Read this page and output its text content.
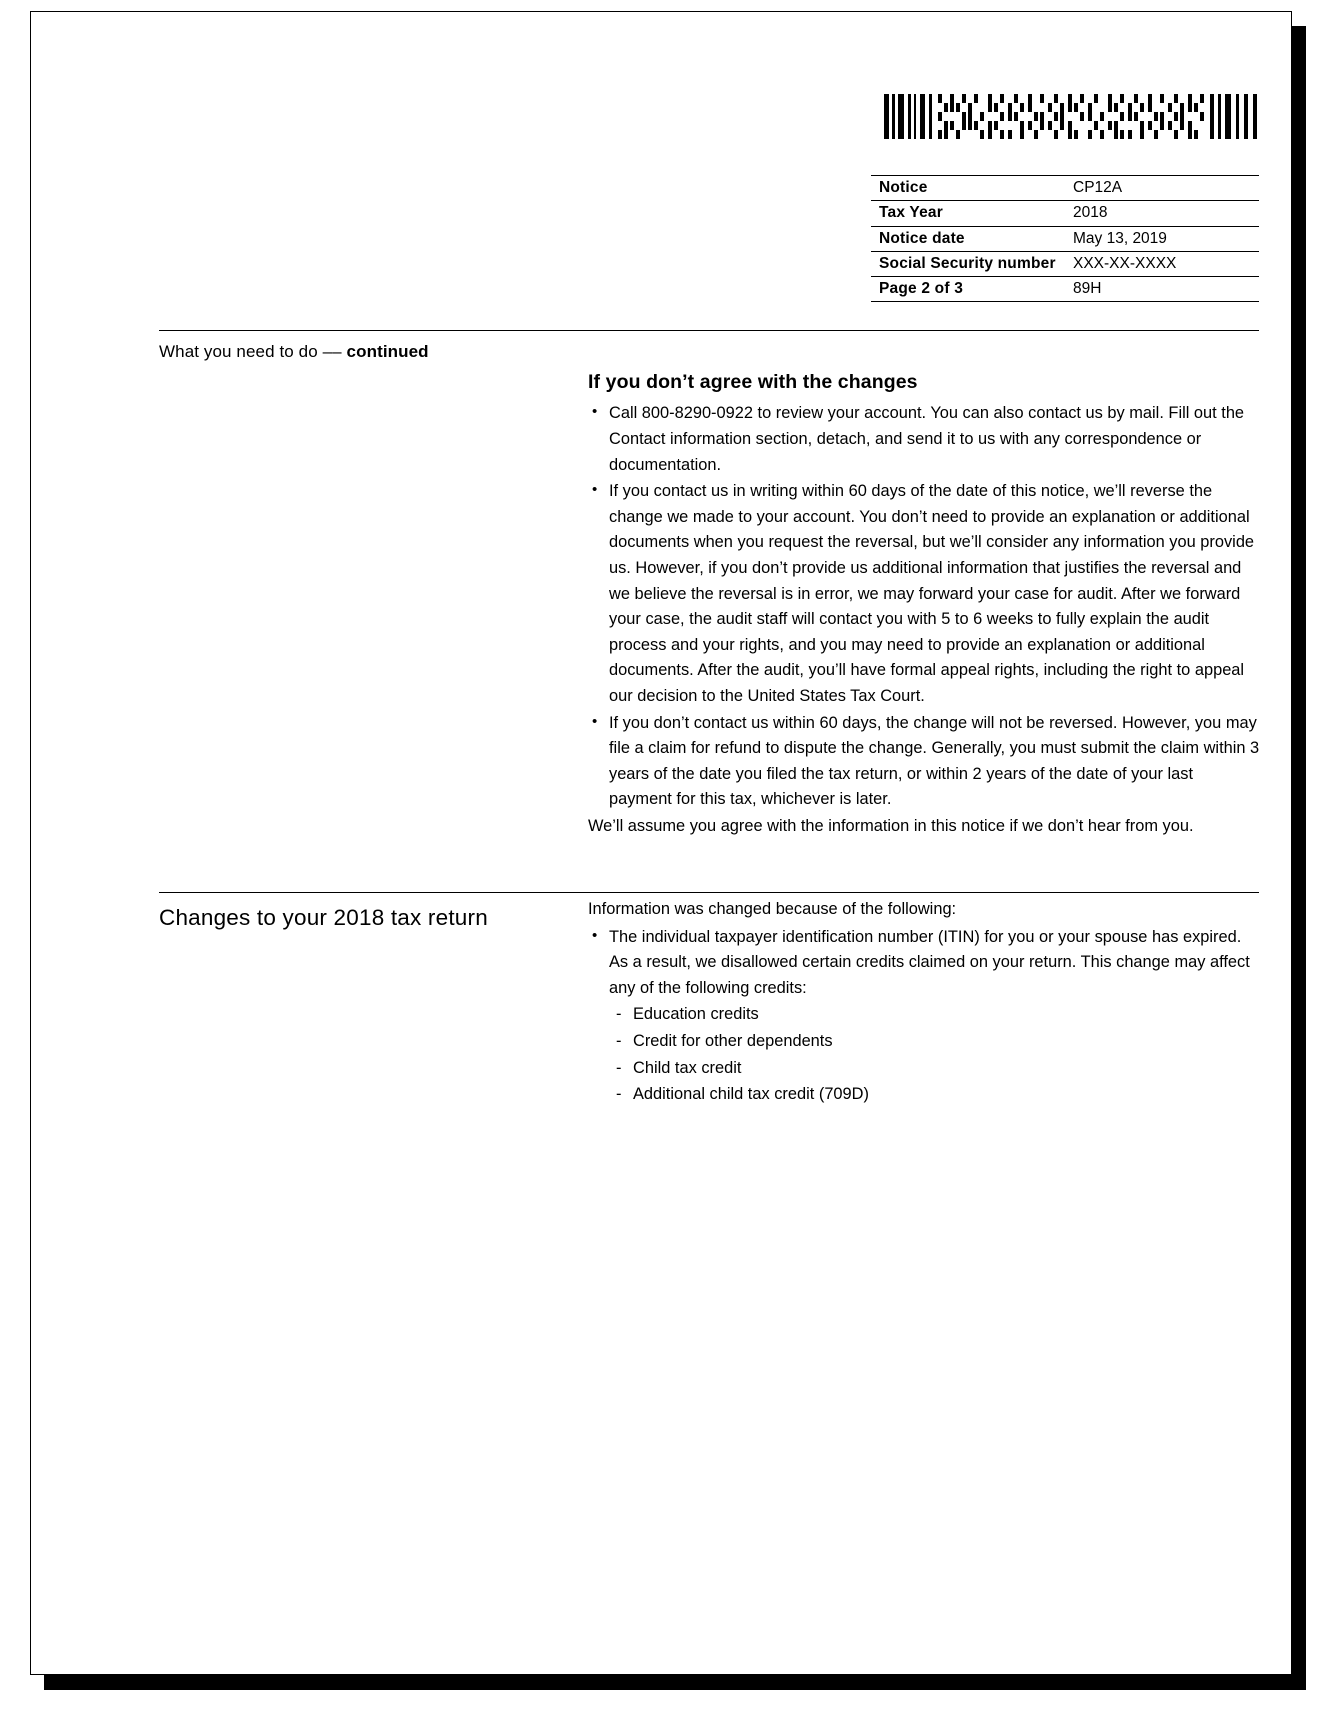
Notice	CP12A
Tax Year	2018
Notice date	May 13, 2019
Social Security number	XXX-XX-XXXX
Page 2 of 3	89H
What you need to do –– continued
If you don’t agree with the changes
• Call 800-8290-0922 to review your account. You can also contact us by mail. Fill out the Contact information section, detach, and send it to us with any correspondence or documentation.
• If you contact us in writing within 60 days of the date of this notice, we’ll reverse the change we made to your account. You don’t need to provide an explanation or additional documents when you request the reversal, but we’ll consider any information you provide us. However, if you don’t provide us additional information that justifies the reversal and we believe the reversal is in error, we may forward your case for audit. After we forward your case, the audit staff will contact you with 5 to 6 weeks to fully explain the audit process and your rights, and you may need to provide an explanation or additional documents. After the audit, you’ll have formal appeal rights, including the right to appeal our decision to the United States Tax Court.
• If you don’t contact us within 60 days, the change will not be reversed. However, you may file a claim for refund to dispute the change. Generally, you must submit the claim within 3 years of the date you filed the tax return, or within 2 years of the date of your last payment for this tax, whichever is later.

We’ll assume you agree with the information in this notice if we don’t hear from you.

Changes to your 2018 tax return	Information was changed because of the following:

• The individual taxpayer identification number (ITIN) for you or your spouse has expired. As a result, we disallowed certain credits claimed on your return. This change may affect any of the following credits:
- Education credits
- Credit for other dependents
- Child tax credit
- Additional child tax credit (709D)
